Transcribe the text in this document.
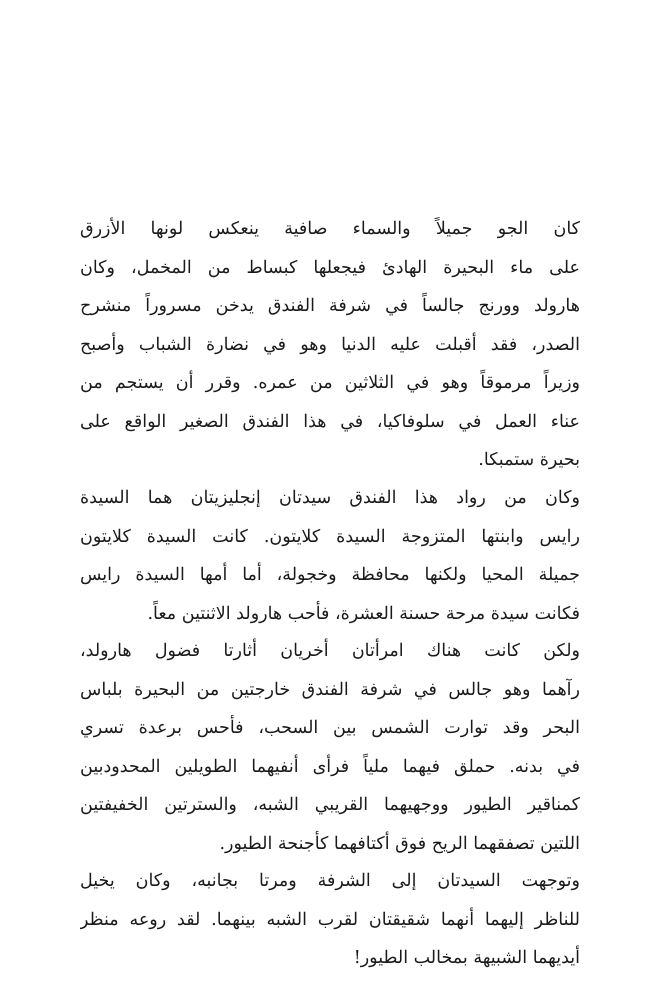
كان الجو جميلاً والسماء صافية ينعكس لونها الأزرق
على ماء البحيرة الهادئ فيجعلها كبساط من المخمل، وكان
هارولد وورنج جالساً في شرفة الفندق يدخن مسروراً منشرح
الصدر، فقد أقبلت عليه الدنيا وهو في نضارة الشباب وأصبح
وزيراً مرموقاً وهو في الثلاثين من عمره. وقرر أن يستجم من
عناء العمل في سلوفاكيا، في هذا الفندق الصغير الواقع على
بحيرة ستمبكا.
وكان من رواد هذا الفندق سيدتان إنجليزيتان هما السيدة
رايس وابنتها المتزوجة السيدة كلايتون. كانت السيدة كلايتون
جميلة المحيا ولكنها محافظة وخجولة، أما أمها السيدة رايس
فكانت سيدة مرحة حسنة العشرة، فأحب هارولد الاثنتين معاً.
ولكن كانت هناك امرأتان أخريان أثارتا فضول هارولد،
رآهما وهو جالس في شرفة الفندق خارجتين من البحيرة بلباس
البحر وقد توارت الشمس بين السحب، فأحس برعدة تسري
في بدنه. حملق فيهما ملياً فرأى أنفيهما الطويلين المحدودبين
كمناقير الطيور ووجهيهما القريبي الشبه، والسترتين الخفيفتين
اللتين تصفقهما الريح فوق أكتافهما كأجنحة الطيور.
وتوجهت السيدتان إلى الشرفة ومرتا بجانبه، وكان يخيل
للناظر إليهما أنهما شقيقتان لقرب الشبه بينهما. لقد روعه منظر
أيديهما الشبيهة بمخالب الطيور!
